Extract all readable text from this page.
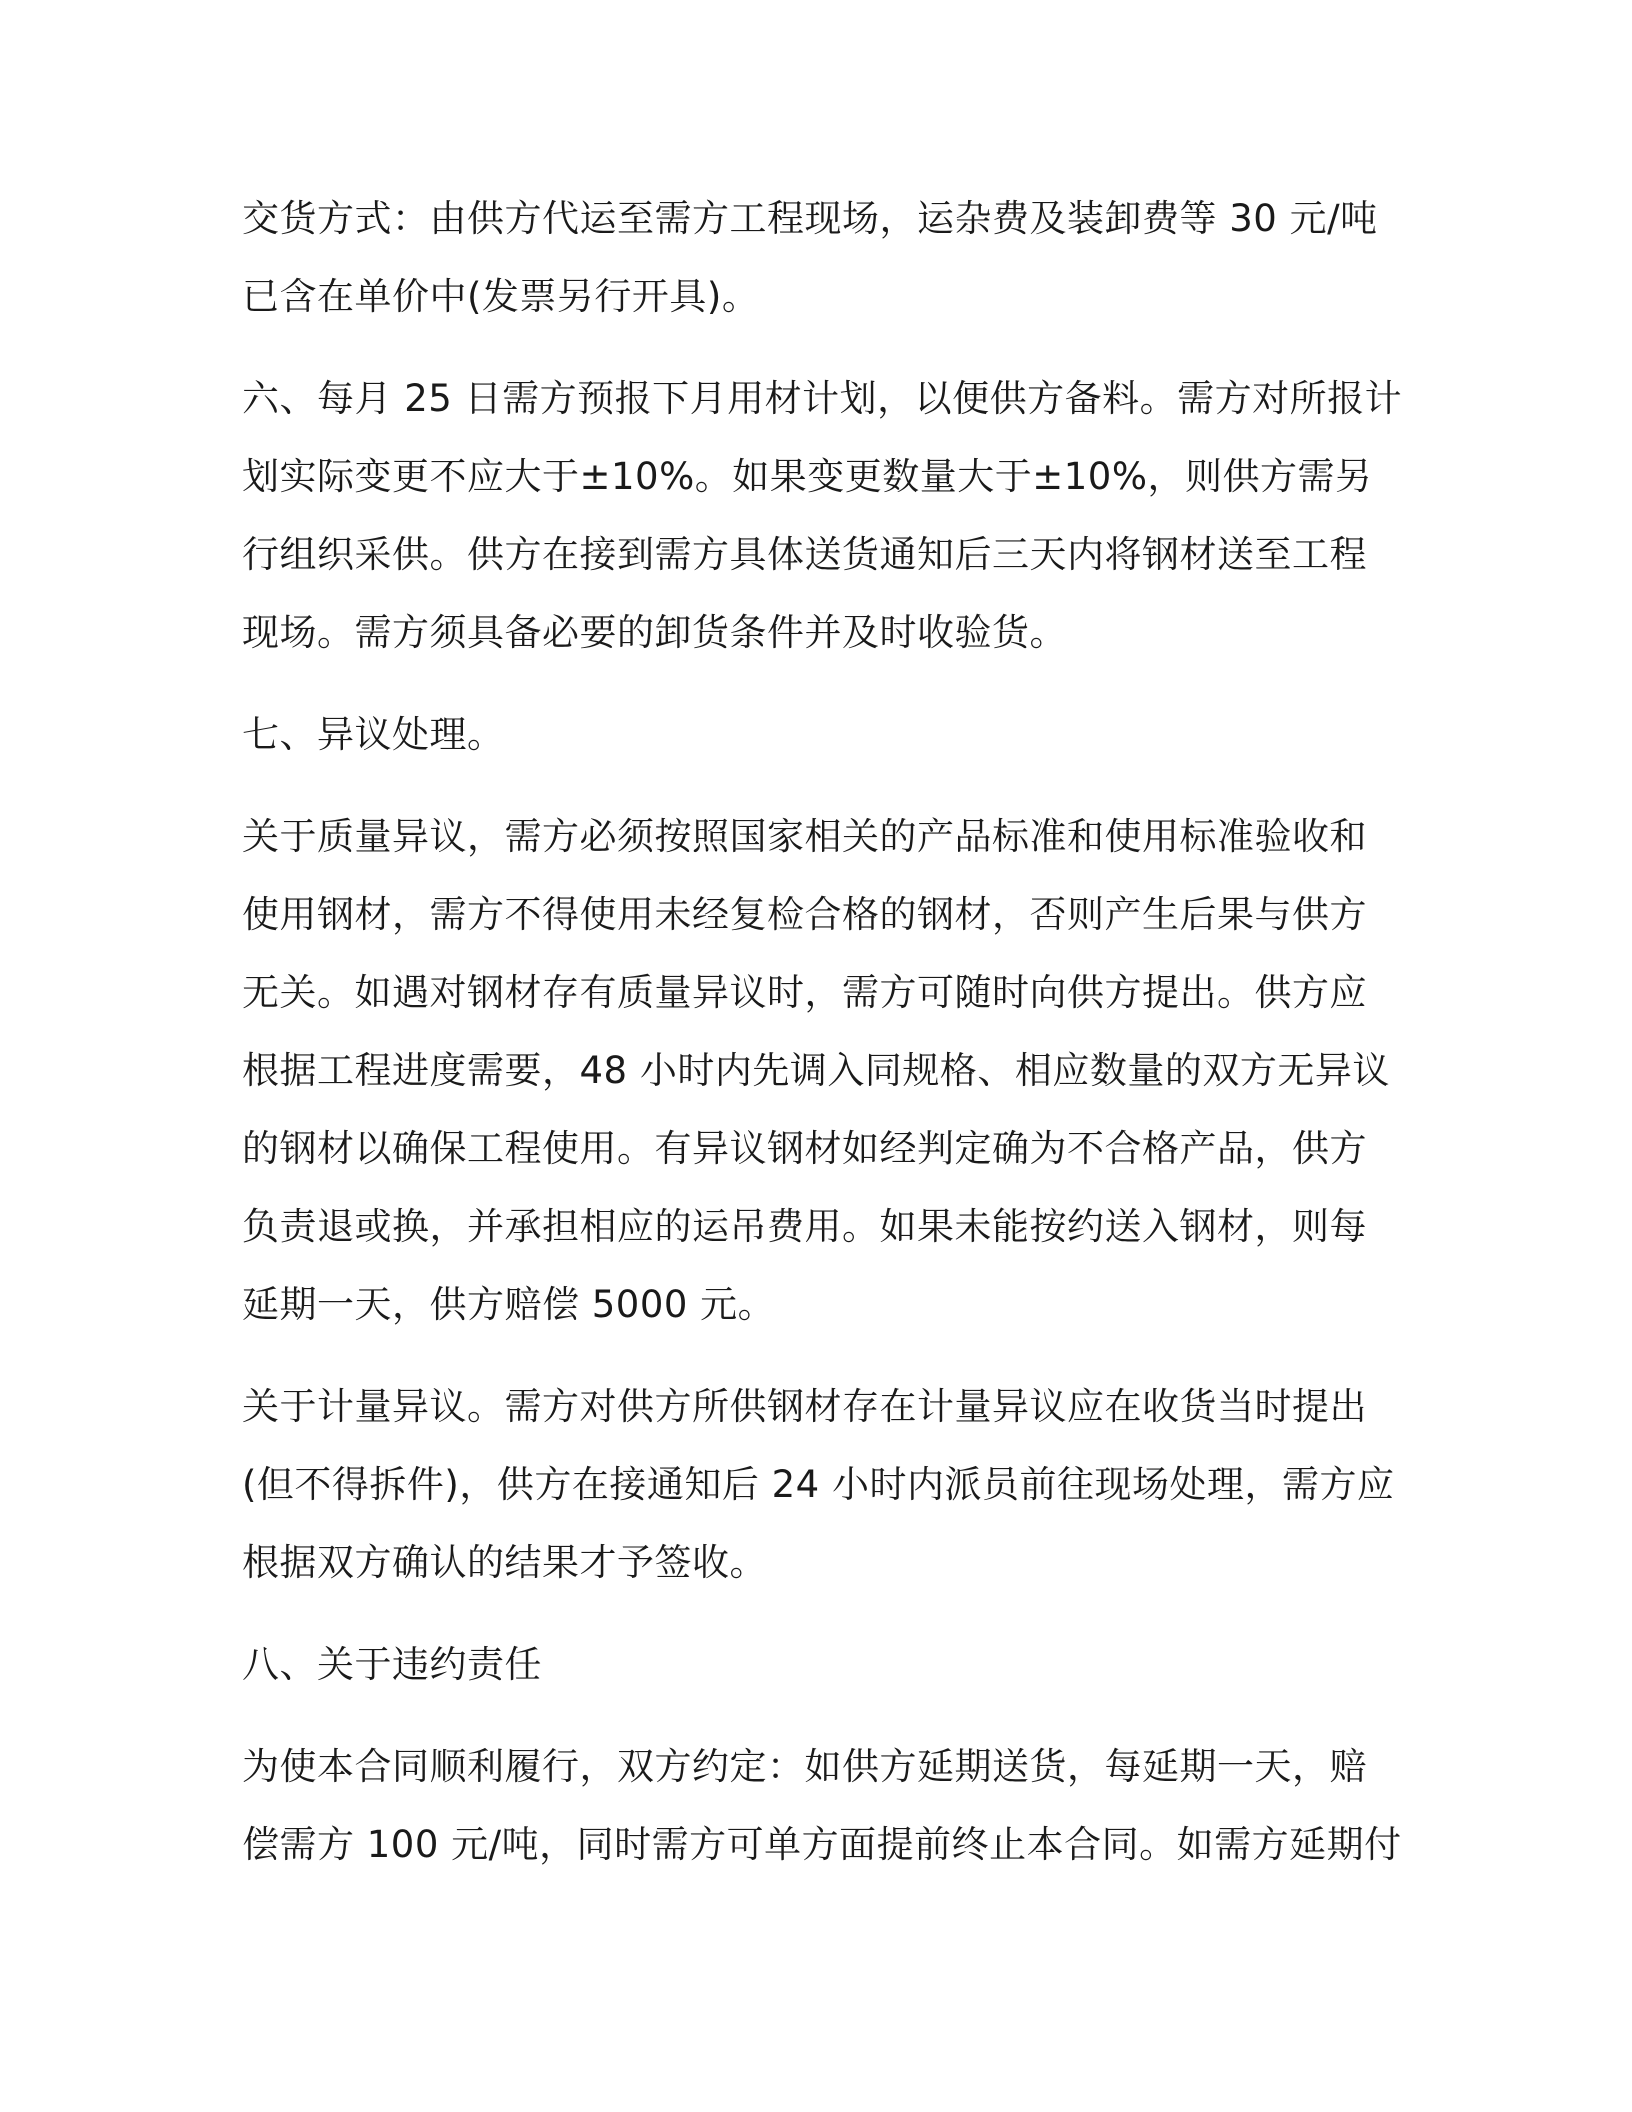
交货方式：由供方代运至需方工程现场，运杂费及装卸费等 30 元/吨
已含在单价中(发票另行开具)。
六、每月 25 日需方预报下月用材计划，以便供方备料。需方对所报计
划实际变更不应大于±10%。如果变更数量大于±10%，则供方需另
行组织采供。供方在接到需方具体送货通知后三天内将钢材送至工程
现场。需方须具备必要的卸货条件并及时收验货。
七、异议处理。
关于质量异议，需方必须按照国家相关的产品标准和使用标准验收和
使用钢材，需方不得使用未经复检合格的钢材，否则产生后果与供方
无关。如遇对钢材存有质量异议时，需方可随时向供方提出。供方应
根据工程进度需要，48 小时内先调入同规格、相应数量的双方无异议
的钢材以确保工程使用。有异议钢材如经判定确为不合格产品，供方
负责退或换，并承担相应的运吊费用。如果未能按约送入钢材，则每
延期一天，供方赔偿 5000 元。
关于计量异议。需方对供方所供钢材存在计量异议应在收货当时提出
(但不得拆件)，供方在接通知后 24 小时内派员前往现场处理，需方应
根据双方确认的结果才予签收。
八、关于违约责任
为使本合同顺利履行，双方约定：如供方延期送货，每延期一天，赔
偿需方 100 元/吨，同时需方可单方面提前终止本合同。如需方延期付
